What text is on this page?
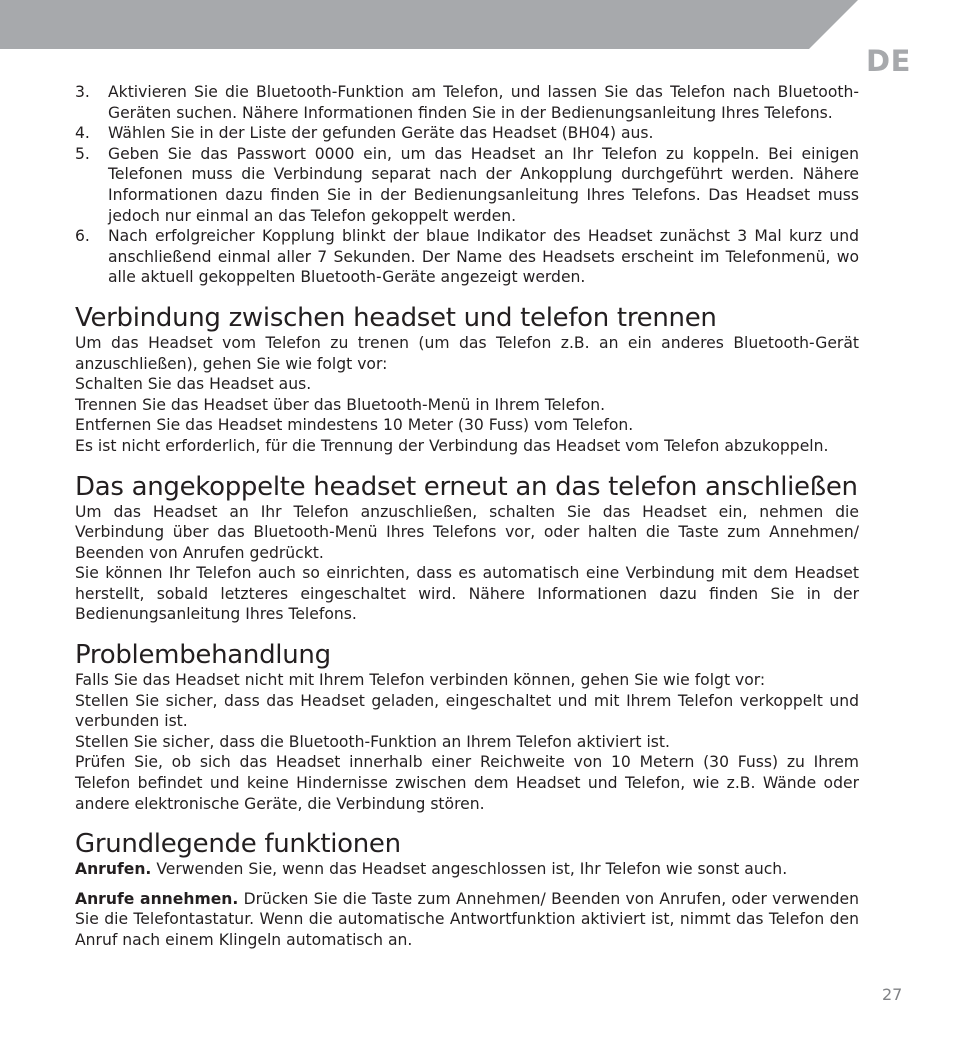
DE
3. Aktivieren Sie die Bluetooth-Funktion am Telefon, und lassen Sie das Telefon nach Bluetooth-Geräten suchen. Nähere Informationen finden Sie in der Bedienungsanleitung Ihres Telefons.
4. Wählen Sie in der Liste der gefunden Geräte das Headset (BH04) aus.
5. Geben Sie das Passwort 0000 ein, um das Headset an Ihr Telefon zu koppeln. Bei einigen Telefonen muss die Verbindung separat nach der Ankopplung durchgeführt werden. Nähere Informationen dazu finden Sie in der Bedienungsanleitung Ihres Telefons. Das Headset muss jedoch nur einmal an das Telefon gekoppelt werden.
6. Nach erfolgreicher Kopplung blinkt der blaue Indikator des Headset zunächst 3 Mal kurz und anschließend einmal aller 7 Sekunden. Der Name des Headsets erscheint im Telefonmenü, wo alle aktuell gekoppelten Bluetooth-Geräte angezeigt werden.
Verbindung zwischen headset und telefon trennen

Um das Headset vom Telefon zu trenen (um das Telefon z.B. an ein anderes Bluetooth-Gerät anzuschließen), gehen Sie wie folgt vor:

Schalten Sie das Headset aus.

Trennen Sie das Headset über das Bluetooth-Menü in Ihrem Telefon.

Entfernen Sie das Headset mindestens 10 Meter (30 Fuss) vom Telefon.

Es ist nicht erforderlich, für die Trennung der Verbindung das Headset vom Telefon abzukoppeln.

Das angekoppelte headset erneut an das telefon anschließen

Um das Headset an Ihr Telefon anzuschließen, schalten Sie das Headset ein, nehmen die Verbindung über das Bluetooth-Menü Ihres Telefons vor, oder halten die Taste zum Annehmen/ Beenden von Anrufen gedrückt.

Sie können Ihr Telefon auch so einrichten, dass es automatisch eine Verbindung mit dem Headset herstellt, sobald letzteres eingeschaltet wird. Nähere Informationen dazu finden Sie in der Bedienungsanleitung Ihres Telefons.

Problembehandlung

Falls Sie das Headset nicht mit Ihrem Telefon verbinden können, gehen Sie wie folgt vor:

Stellen Sie sicher, dass das Headset geladen, eingeschaltet und mit Ihrem Telefon verkoppelt und verbunden ist.

Stellen Sie sicher, dass die Bluetooth-Funktion an Ihrem Telefon aktiviert ist.

Prüfen Sie, ob sich das Headset innerhalb einer Reichweite von 10 Metern (30 Fuss) zu Ihrem Telefon befindet und keine Hindernisse zwischen dem Headset und Telefon, wie z.B. Wände oder andere elektronische Geräte, die Verbindung stören.

Grundlegende funktionen

Anrufen. Verwenden Sie, wenn das Headset angeschlossen ist, Ihr Telefon wie sonst auch.

Anrufe annehmen. Drücken Sie die Taste zum Annehmen/ Beenden von Anrufen, oder verwenden Sie die Telefontastatur. Wenn die automatische Antwortfunktion aktiviert ist, nimmt das Telefon den Anruf nach einem Klingeln automatisch an.

27
